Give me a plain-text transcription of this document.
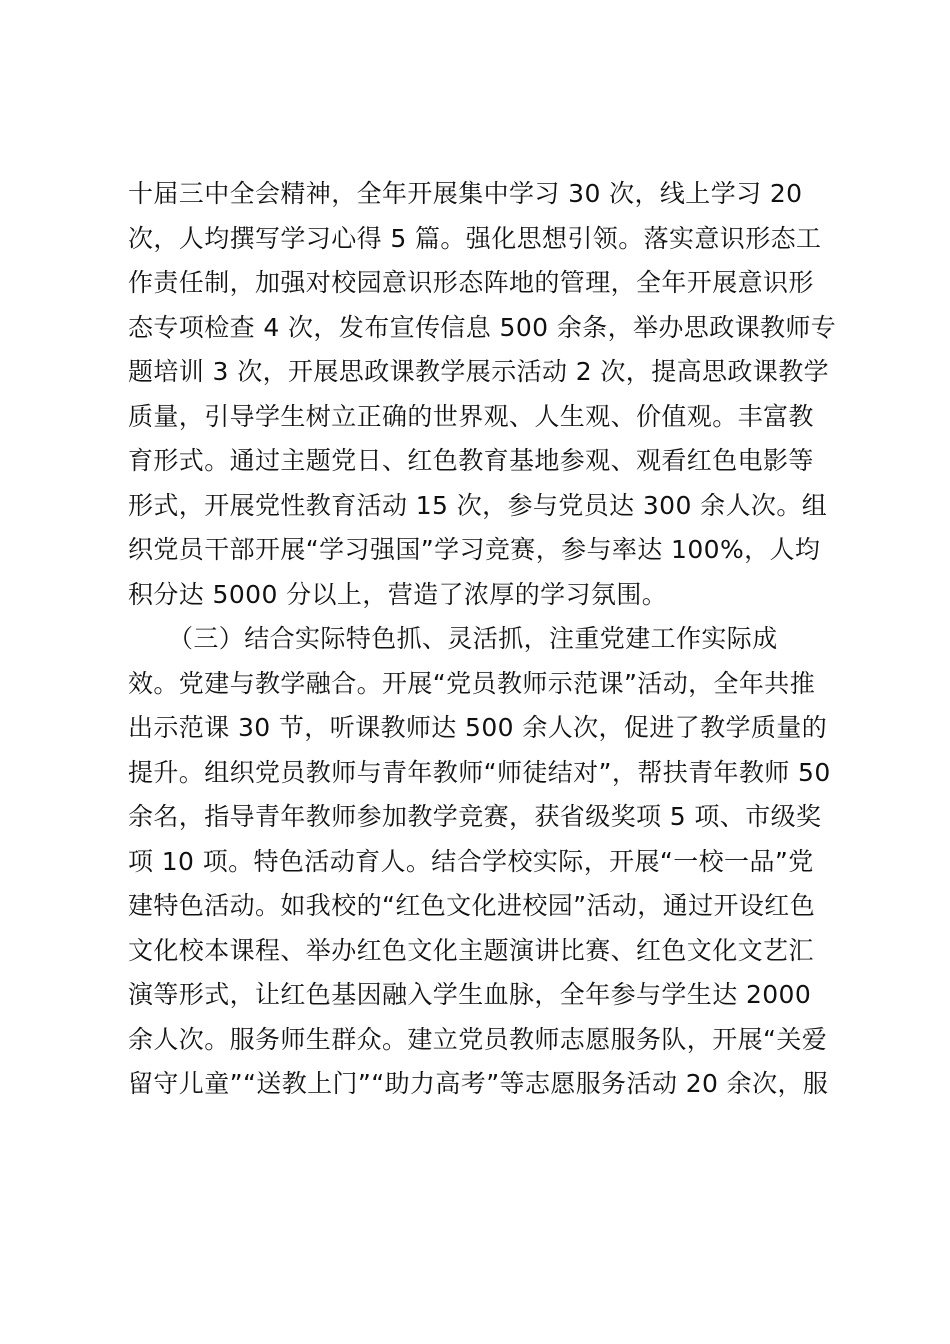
十届三中全会精神，全年开展集中学习 30 次，线上学习 20
次，人均撰写学习心得 5 篇。强化思想引领。落实意识形态工
作责任制，加强对校园意识形态阵地的管理，全年开展意识形
态专项检查 4 次，发布宣传信息 500 余条，举办思政课教师专
题培训 3 次，开展思政课教学展示活动 2 次，提高思政课教学
质量，引导学生树立正确的世界观、人生观、价值观。丰富教
育形式。通过主题党日、红色教育基地参观、观看红色电影等
形式，开展党性教育活动 15 次，参与党员达 300 余人次。组
织党员干部开展“学习强国”学习竞赛，参与率达 100%，人均
积分达 5000 分以上，营造了浓厚的学习氛围。
（三）结合实际特色抓、灵活抓，注重党建工作实际成
效。党建与教学融合。开展“党员教师示范课”活动，全年共推
出示范课 30 节，听课教师达 500 余人次，促进了教学质量的
提升。组织党员教师与青年教师“师徒结对”，帮扶青年教师 50
余名，指导青年教师参加教学竞赛，获省级奖项 5 项、市级奖
项 10 项。特色活动育人。结合学校实际，开展“一校一品”党
建特色活动。如我校的“红色文化进校园”活动，通过开设红色
文化校本课程、举办红色文化主题演讲比赛、红色文化文艺汇
演等形式，让红色基因融入学生血脉，全年参与学生达 2000
余人次。服务师生群众。建立党员教师志愿服务队，开展“关爱
留守儿童”“送教上门”“助力高考”等志愿服务活动 20 余次，服
